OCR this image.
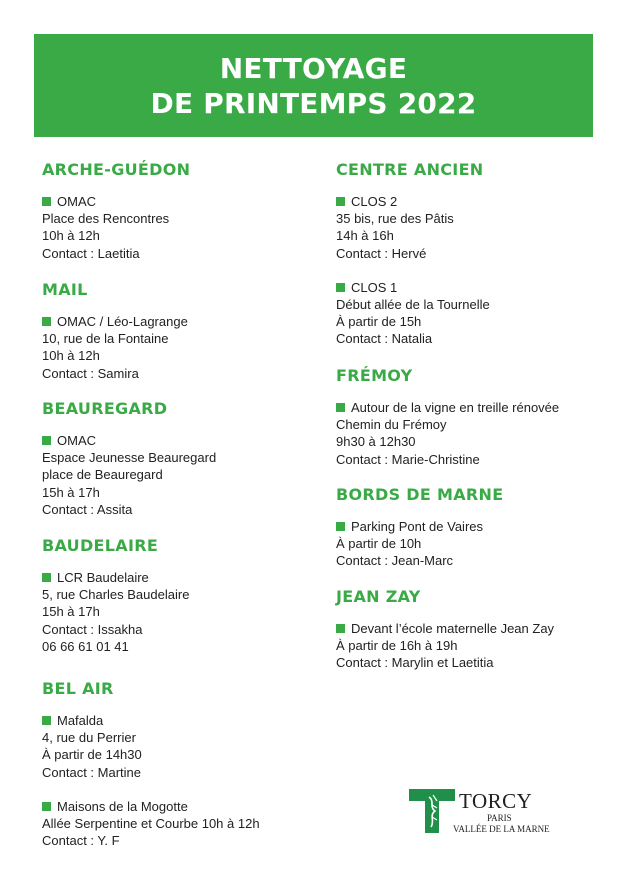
NETTOYAGE
DE PRINTEMPS 2022
ARCHE-GUÉDON
OMAC
Place des Rencontres
10h à 12h
Contact : Laetitia
MAIL
OMAC / Léo-Lagrange
10, rue de la Fontaine
10h à 12h
Contact : Samira
BEAUREGARD
OMAC
Espace Jeunesse Beauregard
place de Beauregard
15h à 17h
Contact : Assita
BAUDELAIRE
LCR Baudelaire
5, rue Charles Baudelaire
15h à 17h
Contact : Issakha
06 66 61 01 41
BEL AIR
Mafalda
4, rue du Perrier
À partir de 14h30
Contact : Martine
Maisons de la Mogotte
Allée Serpentine et Courbe 10h à 12h
Contact : Y. F
CENTRE ANCIEN
CLOS 2
35 bis, rue des Pâtis
14h à 16h
Contact : Hervé
CLOS 1
Début allée de la Tournelle
À partir de 15h
Contact : Natalia
FRÉMOY
Autour de la vigne en treille rénovée
Chemin du Frémoy
9h30 à 12h30
Contact : Marie-Christine
BORDS DE MARNE
Parking Pont de Vaires
À partir de 10h
Contact : Jean-Marc
JEAN ZAY
Devant l’école maternelle Jean Zay
À partir de 16h à 19h
Contact : Marylin et Laetitia
TORCY
PARIS
VALLÉE DE LA MARNE
